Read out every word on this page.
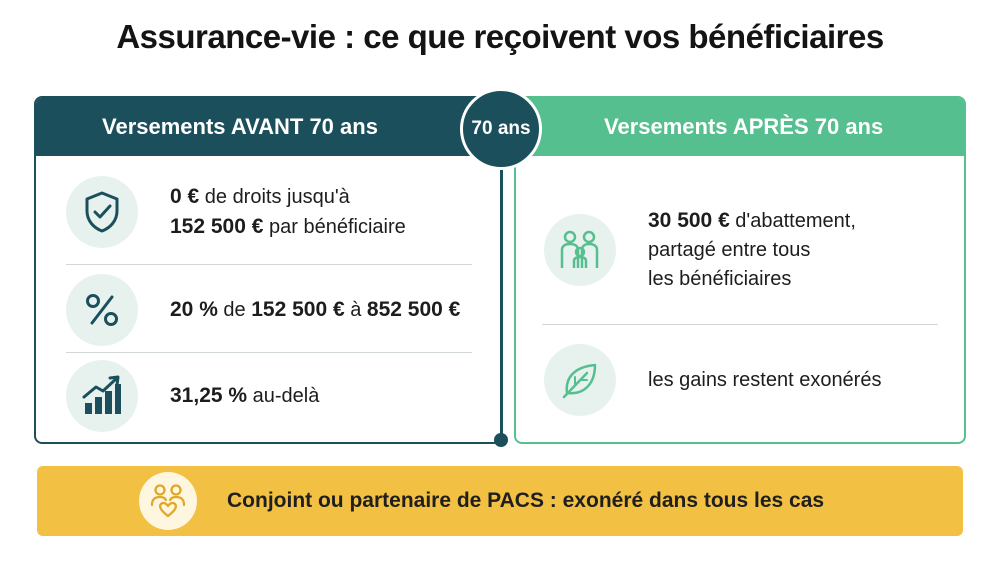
Assurance-vie : ce que reçoivent vos bénéficiaires
Versements AVANT 70 ans
0 € de droits jusqu'à
152 500 € par bénéficiaire
20 % de 152 500 € à 852 500 €
31,25 % au-delà
Versements APRÈS 70 ans
30 500 € d'abattement,
partagé entre tous
les bénéficiaires
les gains restent exonérés
70 ans
Conjoint ou partenaire de PACS : exonéré dans tous les cas
